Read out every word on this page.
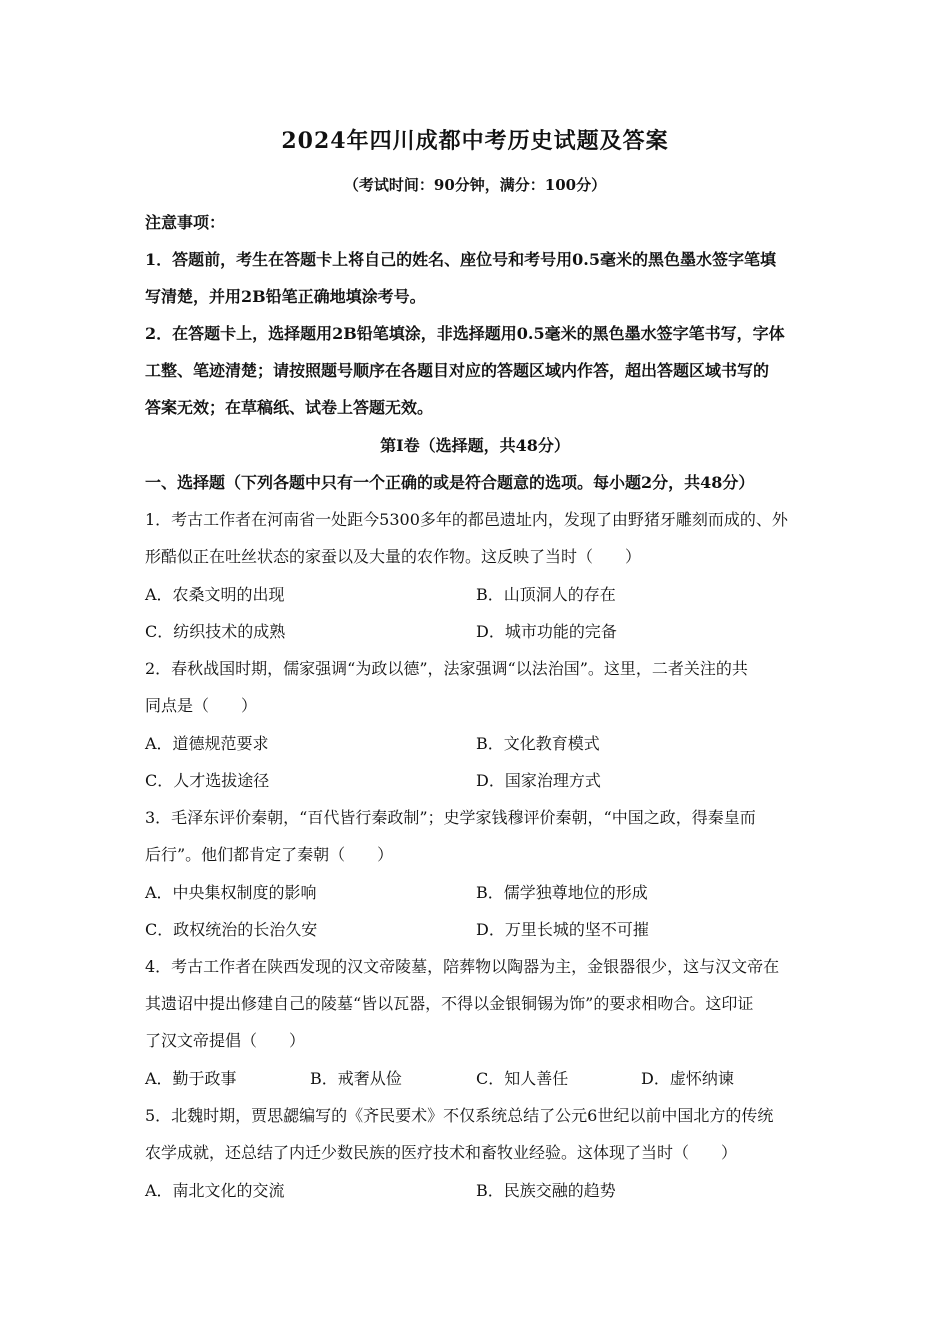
2024年四川成都中考历史试题及答案
（考试时间：90分钟，满分：100分）
注意事项：
1．答题前，考生在答题卡上将自己的姓名、座位号和考号用0.5毫米的黑色墨水签字笔填
写清楚，并用2B铅笔正确地填涂考号。
2．在答题卡上，选择题用2B铅笔填涂，非选择题用0.5毫米的黑色墨水签字笔书写，字体
工整、笔迹清楚；请按照题号顺序在各题目对应的答题区域内作答，超出答题区域书写的
答案无效；在草稿纸、试卷上答题无效。
第Ⅰ卷（选择题，共48分）
一、选择题（下列各题中只有一个正确的或是符合题意的选项。每小题2分，共48分）
1．考古工作者在河南省一处距今5300多年的都邑遗址内，发现了由野猪牙雕刻而成的、外
形酷似正在吐丝状态的家蚕以及大量的农作物。这反映了当时（　　）
A．农桑文明的出现	B．山顶洞人的存在
C．纺织技术的成熟	D．城市功能的完备
2．春秋战国时期，儒家强调“为政以德”，法家强调“以法治国”。这里，二者关注的共
同点是（　　）
A．道德规范要求	B．文化教育模式
C．人才选拔途径	D．国家治理方式
3．毛泽东评价秦朝，“百代皆行秦政制”；史学家钱穆评价秦朝，“中国之政，得秦皇而
后行”。他们都肯定了秦朝（　　）
A．中央集权制度的影响	B．儒学独尊地位的形成
C．政权统治的长治久安	D．万里长城的坚不可摧
4．考古工作者在陕西发现的汉文帝陵墓，陪葬物以陶器为主，金银器很少，这与汉文帝在
其遗诏中提出修建自己的陵墓“皆以瓦器，不得以金银铜锡为饰”的要求相吻合。这印证
了汉文帝提倡（　　）
A．勤于政事	B．戒奢从俭	C．知人善任	D．虚怀纳谏
5．北魏时期，贾思勰编写的《齐民要术》不仅系统总结了公元6世纪以前中国北方的传统
农学成就，还总结了内迁少数民族的医疗技术和畜牧业经验。这体现了当时（　　）
A．南北文化的交流	B．民族交融的趋势
